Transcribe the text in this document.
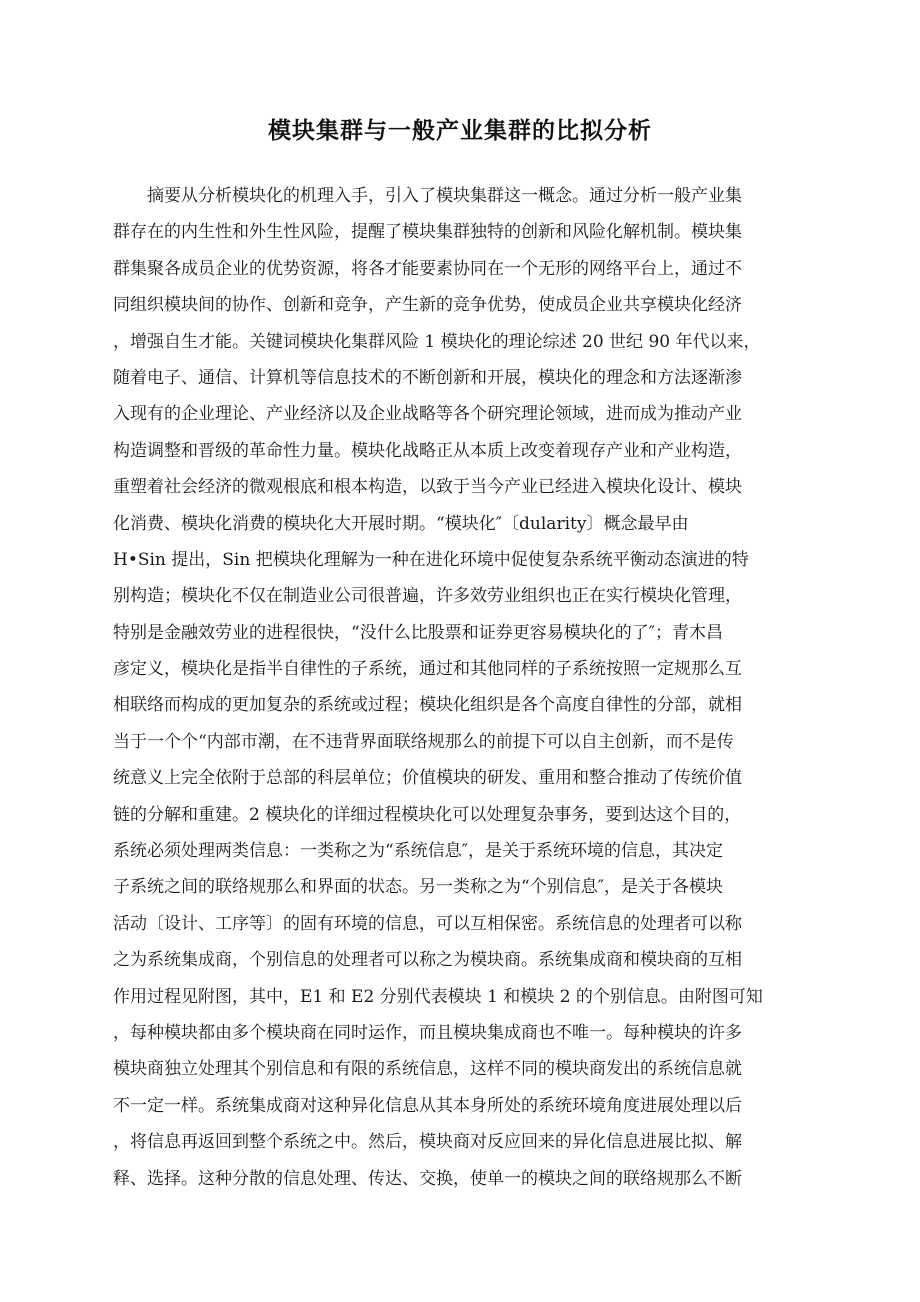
模块集群与一般产业集群的比拟分析
摘要从分析模块化的机理入手，引入了模块集群这一概念。通过分析一般产业集
群存在的内生性和外生性风险，提醒了模块集群独特的创新和风险化解机制。模块集
群集聚各成员企业的优势资源，将各才能要素协同在一个无形的网络平台上，通过不
同组织模块间的协作、创新和竞争，产生新的竞争优势，使成员企业共享模块化经济
，增强自生才能。关键词模块化集群风险 1 模块化的理论综述 20 世纪 90 年代以来，
随着电子、通信、计算机等信息技术的不断创新和开展，模块化的理念和方法逐渐渗
入现有的企业理论、产业经济以及企业战略等各个研究理论领域，进而成为推动产业
构造调整和晋级的革命性力量。模块化战略正从本质上改变着现存产业和产业构造，
重塑着社会经济的微观根底和根本构造，以致于当今产业已经进入模块化设计、模块
化消费、模块化消费的模块化大开展时期。“模块化″〔dularity〕概念最早由
H•Sin 提出，Sin 把模块化理解为一种在进化环境中促使复杂系统平衡动态演进的特
别构造；模块化不仅在制造业公司很普遍，许多效劳业组织也正在实行模块化管理，
特别是金融效劳业的进程很快，“没什么比股票和证券更容易模块化的了″；青木昌
彦定义，模块化是指半自律性的子系统，通过和其他同样的子系统按照一定规那么互
相联络而构成的更加复杂的系统或过程；模块化组织是各个高度自律性的分部，就相
当于一个个“内部市潮，在不违背界面联络规那么的前提下可以自主创新，而不是传
统意义上完全依附于总部的科层单位；价值模块的研发、重用和整合推动了传统价值
链的分解和重建。2 模块化的详细过程模块化可以处理复杂事务，要到达这个目的，
系统必须处理两类信息：一类称之为“系统信息″，是关于系统环境的信息，其决定
子系统之间的联络规那么和界面的状态。另一类称之为“个别信息″，是关于各模块
活动〔设计、工序等〕的固有环境的信息，可以互相保密。系统信息的处理者可以称
之为系统集成商，个别信息的处理者可以称之为模块商。系统集成商和模块商的互相
作用过程见附图，其中，E1 和 E2 分别代表模块 1 和模块 2 的个别信息。由附图可知
，每种模块都由多个模块商在同时运作，而且模块集成商也不唯一。每种模块的许多
模块商独立处理其个别信息和有限的系统信息，这样不同的模块商发出的系统信息就
不一定一样。系统集成商对这种异化信息从其本身所处的系统环境角度进展处理以后
，将信息再返回到整个系统之中。然后，模块商对反应回来的异化信息进展比拟、解
释、选择。这种分散的信息处理、传达、交换，使单一的模块之间的联络规那么不断
